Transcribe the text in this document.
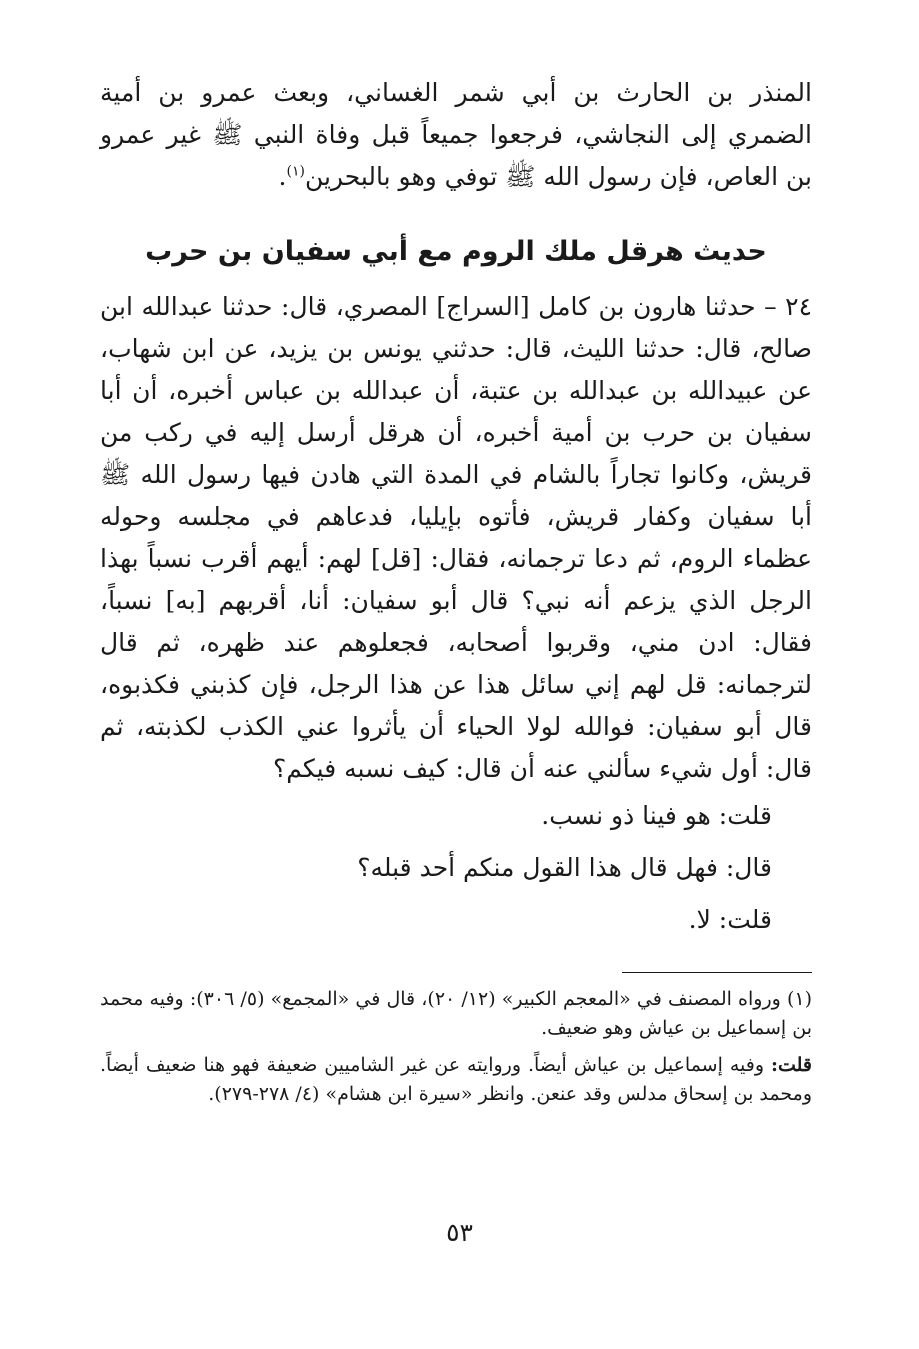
المنذر بن الحارث بن أبي شمر الغساني، وبعث عمرو بن أمية الضمري إلى النجاشي، فرجعوا جميعاً قبل وفاة النبي ﷺ غير عمرو بن العاص، فإن رسول الله ﷺ توفي وهو بالبحرين$^{(١)}$.

حديث هرقل ملك الروم مع أبي سفيان بن حرب

٢٤ – حدثنا هارون بن كامل [السراج] المصري، قال: حدثنا عبدالله ابن صالح، قال: حدثنا الليث، قال: حدثني يونس بن يزيد، عن ابن شهاب، عن عبيدالله بن عبدالله بن عتبة، أن عبدالله بن عباس أخبره، أن أبا سفيان بن حرب بن أمية أخبره، أن هرقل أرسل إليه في ركب من قريش، وكانوا تجاراً بالشام في المدة التي هادن فيها رسول الله ﷺ أبا سفيان وكفار قريش، فأتوه بإيليا، فدعاهم في مجلسه وحوله عظماء الروم، ثم دعا ترجمانه، فقال: [قل] لهم: أيهم أقرب نسباً بهذا الرجل الذي يزعم أنه نبي؟ قال أبو سفيان: أنا، أقربهم [به] نسباً، فقال: ادن مني، وقربوا أصحابه، فجعلوهم عند ظهره، ثم قال لترجمانه: قل لهم إني سائل هذا عن هذا الرجل، فإن كذبني فكذبوه، قال أبو سفيان: فوالله لولا الحياء أن يأثروا عني الكذب لكذبته، ثم قال: أول شيء سألني عنه أن قال: كيف نسبه فيكم؟

قلت: هو فينا ذو نسب.

قال: فهل قال هذا القول منكم أحد قبله؟

قلت: لا.

(١) ورواه المصنف في «المعجم الكبير» (١٢/ ٢٠)، قال في «المجمع» (٥/ ٣٠٦): وفيه محمد بن إسماعيل بن عياش وهو ضعيف.

قلت: وفيه إسماعيل بن عياش أيضاً. وروايته عن غير الشاميين ضعيفة فهو هنا ضعيف أيضاً. ومحمد بن إسحاق مدلس وقد عنعن. وانظر «سيرة ابن هشام» (٤/ ٢٧٨-٢٧٩).

٥٣
